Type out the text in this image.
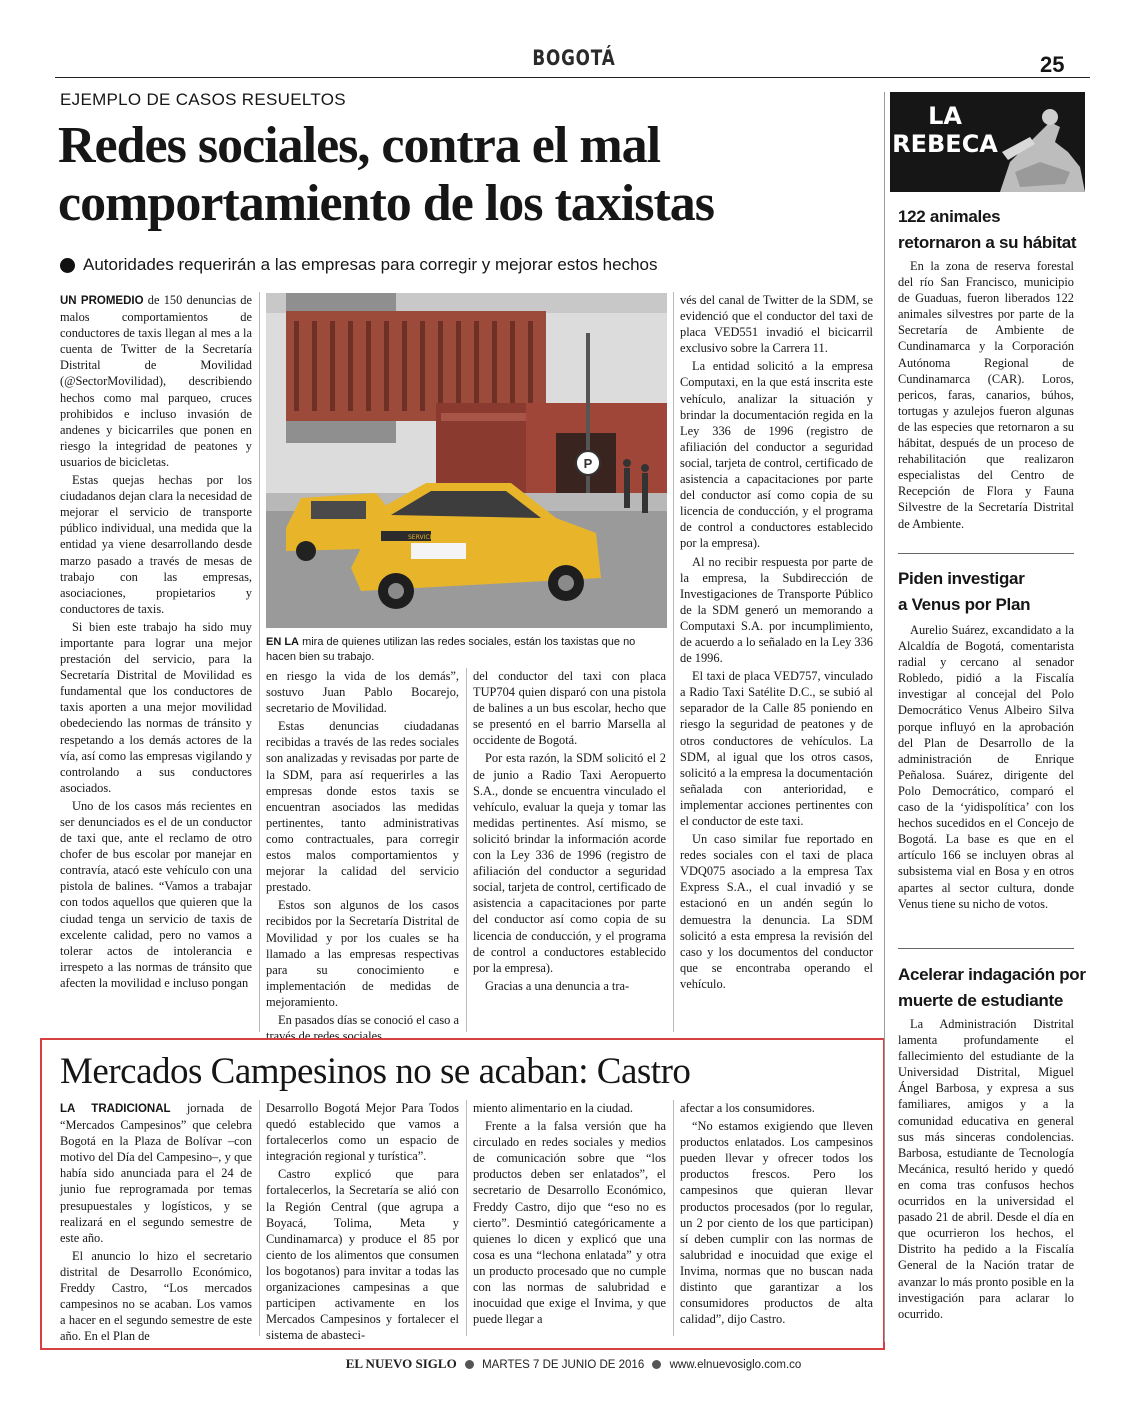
BOGOTÁ	25
EJEMPLO DE CASOS RESUELTOS
Redes sociales, contra el mal comportamiento de los taxistas
Autoridades requerirán a las empresas para corregir y mejorar estos hechos

UN PROMEDIO de 150 denuncias de malos comportamientos de conductores de taxis llegan al mes a la cuenta de Twitter de la Secretaría Distrital de Movilidad (@SectorMovilidad), describiendo hechos como mal parqueo, cruces prohibidos e incluso invasión de andenes y bicicarriles que ponen en riesgo la integridad de peatones y usuarios de bicicletas.

Estas quejas hechas por los ciudadanos dejan clara la necesidad de mejorar el servicio de transporte público individual, una medida que la entidad ya viene desarrollando desde marzo pasado a través de mesas de trabajo con las empresas, asociaciones, propietarios y conductores de taxis.

Si bien este trabajo ha sido muy importante para lograr una mejor prestación del servicio, para la Secretaría Distrital de Movilidad es fundamental que los conductores de taxis aporten a una mejor movilidad obedeciendo las normas de tránsito y respetando a los demás actores de la vía, así como las empresas vigilando y controlando a sus conductores asociados.

Uno de los casos más recientes en ser denunciados es el de un conductor de taxi que, ante el reclamo de otro chofer de bus escolar por manejar en contravía, atacó este vehículo con una pistola de balines. “Vamos a trabajar con todos aquellos que quieren que la ciudad tenga un servicio de taxis de excelente calidad, pero no vamos a tolerar actos de intolerancia e irrespeto a las normas de tránsito que afecten la movilidad e incluso pongan

P
SERVICIO PUBLICO
EN LA mira de quienes utilizan las redes sociales, están los taxistas que no hacen bien su trabajo.

en riesgo la vida de los demás”, sostuvo Juan Pablo Bocarejo, secretario de Movilidad.

Estas denuncias ciudadanas recibidas a través de las redes sociales son analizadas y revisadas por parte de la SDM, para así requerirles a las empresas donde estos taxis se encuentran asociados las medidas pertinentes, tanto administrativas como contractuales, para corregir estos malos comportamientos y mejorar la calidad del servicio prestado.

Estos son algunos de los casos recibidos por la Secretaría Distrital de Movilidad y por los cuales se ha llamado a las empresas respectivas para su conocimiento e implementación de medidas de mejoramiento.

En pasados días se conoció el caso a través de redes sociales

del conductor del taxi con placa TUP704 quien disparó con una pistola de balines a un bus escolar, hecho que se presentó en el barrio Marsella al occidente de Bogotá.

Por esta razón, la SDM solicitó el 2 de junio a Radio Taxi Aeropuerto S.A., donde se encuentra vinculado el vehículo, evaluar la queja y tomar las medidas pertinentes. Así mismo, se solicitó brindar la información acorde con la Ley 336 de 1996 (registro de afiliación del conductor a seguridad social, tarjeta de control, certificado de asistencia a capacitaciones por parte del conductor así como copia de su licencia de conducción, y el programa de control a conductores establecido por la empresa).

Gracias a una denuncia a tra-

vés del canal de Twitter de la SDM, se evidenció que el conductor del taxi de placa VED551 invadió el bicicarril exclusivo sobre la Carrera 11.

La entidad solicitó a la empresa Computaxi, en la que está inscrita este vehículo, analizar la situación y brindar la documentación regida en la Ley 336 de 1996 (registro de afiliación del conductor a seguridad social, tarjeta de control, certificado de asistencia a capacitaciones por parte del conductor así como copia de su licencia de conducción, y el programa de control a conductores establecido por la empresa).

Al no recibir respuesta por parte de la empresa, la Subdirección de Investigaciones de Transporte Público de la SDM generó un memorando a Computaxi S.A. por incumplimiento, de acuerdo a lo señalado en la Ley 336 de 1996.

El taxi de placa VED757, vinculado a Radio Taxi Satélite D.C., se subió al separador de la Calle 85 poniendo en riesgo la seguridad de peatones y de otros conductores de vehículos. La SDM, al igual que los otros casos, solicitó a la empresa la documentación señalada con anterioridad, e implementar acciones pertinentes con el conductor de este taxi.

Un caso similar fue reportado en redes sociales con el taxi de placa VDQ075 asociado a la empresa Tax Express S.A., el cual invadió y se estacionó en un andén según lo demuestra la denuncia. La SDM solicitó a esta empresa la revisión del caso y los documentos del conductor que se encontraba operando el vehículo.

Mercados Campesinos no se acaban: Castro

LA TRADICIONAL jornada de “Mercados Campesinos” que celebra Bogotá en la Plaza de Bolívar –con motivo del Día del Campesino–, y que había sido anunciada para el 24 de junio fue reprogramada por temas presupuestales y logísticos, y se realizará en el segundo semestre de este año.

El anuncio lo hizo el secretario distrital de Desarrollo Económico, Freddy Castro, “Los mercados campesinos no se acaban. Los vamos a hacer en el segundo semestre de este año. En el Plan de

Desarrollo Bogotá Mejor Para Todos quedó establecido que vamos a fortalecerlos como un espacio de integración regional y turística”.

Castro explicó que para fortalecerlos, la Secretaría se alió con la Región Central (que agrupa a Boyacá, Tolima, Meta y Cundinamarca) y produce el 85 por ciento de los alimentos que consumen los bogotanos) para invitar a todas las organizaciones campesinas a que participen activamente en los Mercados Campesinos y fortalecer el sistema de abasteci-

miento alimentario en la ciudad.

Frente a la falsa versión que ha circulado en redes sociales y medios de comunicación sobre que “los productos deben ser enlatados”, el secretario de Desarrollo Económico, Freddy Castro, dijo que “eso no es cierto”. Desmintió categóricamente a quienes lo dicen y explicó que una cosa es una “lechona enlatada” y otra un producto procesado que no cumple con las normas de salubridad e inocuidad que exige el Invima, y que puede llegar a

afectar a los consumidores.

“No estamos exigiendo que lleven productos enlatados. Los campesinos pueden llevar y ofrecer todos los productos frescos. Pero los campesinos que quieran llevar productos procesados (por lo regular, un 2 por ciento de los que participan) sí deben cumplir con las normas de salubridad e inocuidad que exige el Invima, normas que no buscan nada distinto que garantizar a los consumidores productos de alta calidad”, dijo Castro.

LA
REBECA
122 animales
retornaron a su hábitat

En la zona de reserva forestal del río San Francisco, municipio de Guaduas, fueron liberados 122 animales silvestres por parte de la Secretaría de Ambiente de Cundinamarca y la Corporación Autónoma Regional de Cundinamarca (CAR). Loros, pericos, faras, canarios, búhos, tortugas y azulejos fueron algunas de las especies que retornaron a su hábitat, después de un proceso de rehabilitación que realizaron especialistas del Centro de Recepción de Flora y Fauna Silvestre de la Secretaría Distrital de Ambiente.

Piden investigar
a Venus por Plan

Aurelio Suárez, excandidato a la Alcaldía de Bogotá, comentarista radial y cercano al senador Robledo, pidió a la Fiscalía investigar al concejal del Polo Democrático Venus Albeiro Silva porque influyó en la aprobación del Plan de Desarrollo de la administración de Enrique Peñalosa. Suárez, dirigente del Polo Democrático, comparó el caso de la ‘yidispolítica’ con los hechos sucedidos en el Concejo de Bogotá. La base es que en el artículo 166 se incluyen obras al subsistema vial en Bosa y en otros apartes al sector cultura, donde Venus tiene su nicho de votos.

Acelerar indagación por
muerte de estudiante

La Administración Distrital lamenta profundamente el fallecimiento del estudiante de la Universidad Distrital, Miguel Ángel Barbosa, y expresa a sus familiares, amigos y a la comunidad educativa en general sus más sinceras condolencias. Barbosa, estudiante de Tecnología Mecánica, resultó herido y quedó en coma tras confusos hechos ocurridos en la universidad el pasado 21 de abril. Desde el día en que ocurrieron los hechos, el Distrito ha pedido a la Fiscalía General de la Nación tratar de avanzar lo más pronto posible en la investigación para aclarar lo ocurrido.

EL NUEVO SIGLO MARTES 7 DE JUNIO DE 2016 www.elnuevosiglo.com.co
